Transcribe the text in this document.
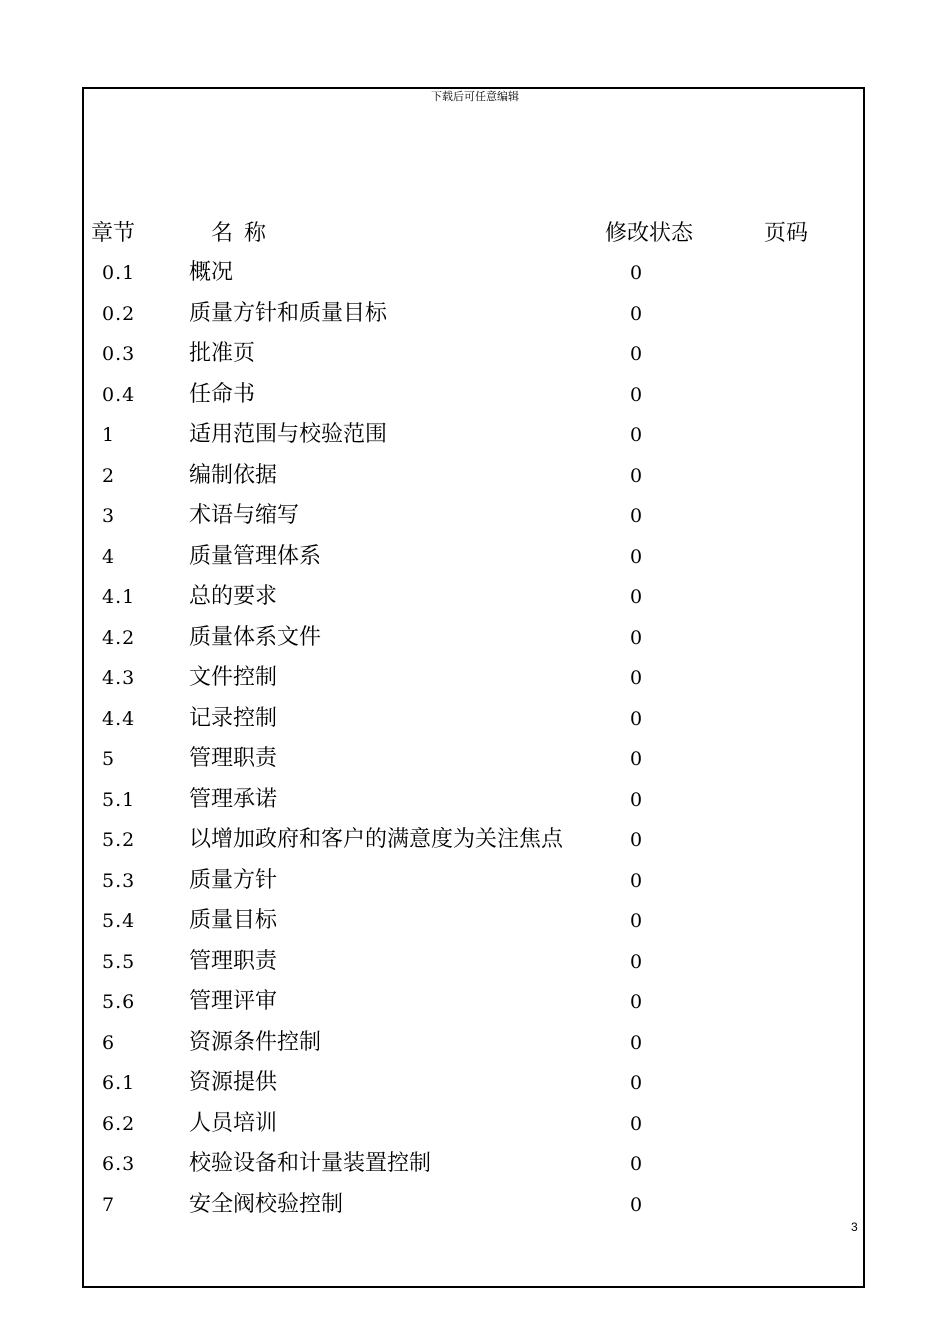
下载后可任意编辑
章节	名称	修改状态	页码
0.1 概况	0
0.2 质量方针和质量目标	0
0.3 批准页	0
0.4 任命书	0
1	适用范围与校验范围	0
2	编制依据	0
3	术语与缩写	0
4	质量管理体系	0
4.1 总的要求	0
4.2 质量体系文件	0
4.3 文件控制	0
4.4 记录控制	0
5	管理职责	0
5.1 管理承诺	0
5.2 以增加政府和客户的满意度为关注焦点	0
5.3 质量方针	0
5.4 质量目标	0
5.5 管理职责	0
5.6 管理评审	0
6	资源条件控制	0
6.1 资源提供	0
6.2 人员培训	0
6.3 校验设备和计量装置控制	0
7	安全阀校验控制	0
3
